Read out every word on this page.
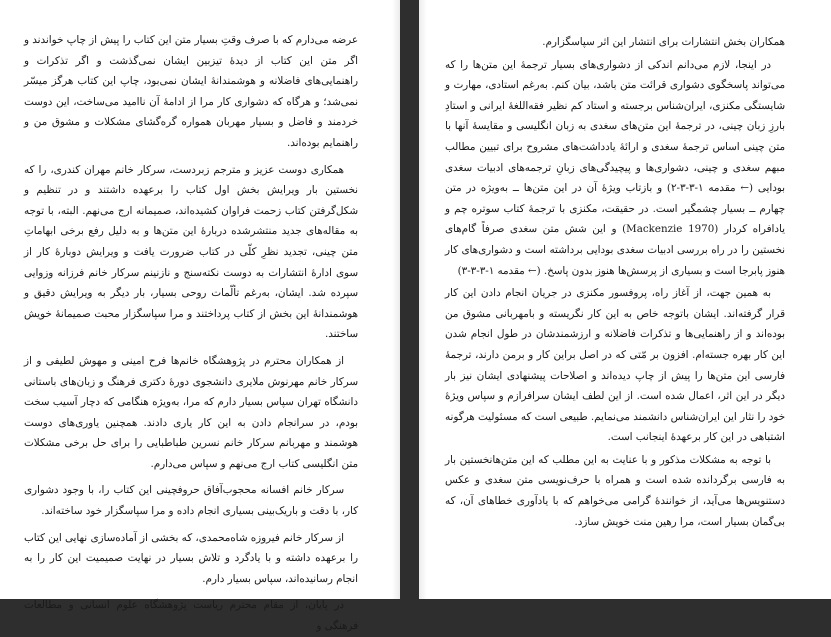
عرضه می‌دارم که با صرف وقتِ بسیار متن این کتاب را پیش از چاپ خواندند و اگر متن این کتاب از دیدهٔ تیزبین ایشان نمی‌گذشت و اگر تذکرات و راهنمایی‌های فاضلانه و هوشمندانهٔ ایشان نمی‌بود، چاپ این کتاب هرگز میسّر نمی‌شد؛ و هرگاه که دشواری کار مرا از ادامهٔ آن ناامید می‌ساخت، این دوست خردمند و فاضل و بسیار مهربان همواره گره‌گشای مشکلات و مشوق من و راهنمایم بوده‌اند.

همکاری دوست عزیز و مترجم زبردست، سرکار خانم مهران کندری، را که نخستین بار ویرایش بخش اول کتاب را برعهده داشتند و در تنظیم و شکل‌گرفتن کتاب زحمت فراوان کشیده‌اند، صمیمانه ارج می‌نهم. البته، با توجه به مقاله‌های جدید منتشرشده دربارهٔ این متن‌ها و به دلیل رفع برخی ابهاماتِ متن چینی، تجدید نظرِ کلّی در کتاب ضرورت یافت و ویرایش دوبارهٔ کار از سوی ادارهٔ انتشارات به دوست نکته‌سنج و نازنینم سرکار خانم فرزانه وزوایی سپرده شد. ایشان، به‌رغم تألّمات روحی بسیار، بار دیگر به ویرایش دقیق و هوشمندانهٔ این بخش از کتاب پرداختند و مرا سپاسگزار محبت صمیمانهٔ خویش ساختند.

از همکاران محترم در پژوهشگاه خانم‌ها فرح امینی و مهوش لطیفی و از سرکار خانم مهرنوش ملایری دانشجوی دورهٔ دکتری فرهنگ و زبان‌های باستانی دانشگاه تهران سپاس بسیار دارم که مرا، به‌ویژه هنگامی که دچار آسیب سخت بودم، در سرانجام دادن به این کار یاری دادند. همچنین یاوری‌های دوست هوشمند و مهربانم سرکار خانم نسرین طباطبایی را برای حل برخی مشکلات متن انگلیسی کتاب ارج می‌نهم و سپاس می‌دارم.

سرکار خانم افسانه محجوب‌آفاق حروفچینی این کتاب را، با وجود دشواری کار، با دقت و باریک‌بینی بسیاری انجام داده و مرا سپاسگزار خود ساخته‌اند.

از سرکار خانم فیروزه شاه‌محمدی، که بخشی از آماده‌سازی نهایی این کتاب را برعهده داشته و با یادگرد و تلاش بسیار در نهایت صمیمیت این کار را به انجام رسانیده‌اند، سپاس بسیار دارم.

در پایان، از مقام محترم ریاست پژوهشگاه علوم انسانی و مطالعات فرهنگی و

همکاران بخش انتشارات برای انتشار این اثر سپاسگزارم.

در اینجا، لازم می‌دانم اندکی از دشواری‌های بسیار ترجمهٔ این متن‌ها را که می‌تواند پاسخگوی دشواری قرائت متن باشد، بیان کنم. به‌رغم استادی، مهارت و شایستگی مکنزی، ایران‌شناس برجسته و استاد کم نظیر فقه‌اللغهٔ ایرانی و استادِ بارزِ زبان چینی، در ترجمهٔ این متن‌های سغدی به زبان انگلیسی و مقایسهٔ آنها با متن چینی اساس ترجمهٔ سغدی و ارائهٔ یادداشت‌های مشروح برای تبیین مطالب مبهم سغدی و چینی، دشواری‌ها و پیچیدگی‌های زبانِ ترجمه‌های ادبیات سغدی بودایی (← مقدمه ۱-۳-۳-۲) و بازتاب ویژهٔ آن در این متن‌ها ــ به‌ویژه در متن چهارم ــ بسیار چشمگیر است. در حقیقت، مکنزی با ترجمهٔ کتاب سوتره چم و یادافراه کردار (Mackenzie 1970) و این شش متن سغدی صرفاً گام‌های نخستین را در راه بررسی ادبیات سغدی بودایی برداشته است و دشواری‌های کار هنوز پابرجا است و بسیاری از پرسش‌ها هنوز بدون پاسخ. (← مقدمه ۱-۳-۳-۳)

به همین جهت، از آغاز راه، پروفسور مکنزی در جریان انجام دادن این کار قرار گرفته‌اند. ایشان باتوجه خاص به این کار نگریسته و بامهربانی مشوق من بوده‌اند و از راهنمایی‌ها و تذکرات فاضلانه و ارزشمندشان در طول انجام شدن این کار بهره جسته‌ام. افزون بر مّتی که در اصل براین کار و برمن دارند، ترجمهٔ فارسی این متن‌ها را پیش از چاپ دیده‌اند و اصلاحات پیشنهادی ایشان نیز بار دیگر در این اثر، اعمال شده است. از این لطف ایشان سرافرازم و سپاس ویژهٔ خود را نثار این ایران‌شناس دانشمند می‌نمایم. طبیعی است که مسئولیت هرگونه اشتباهی در این کار برعهدهٔ اینجانب است.

با توجه به مشکلات مذکور و با عنایت به این مطلب که این متن‌هانخستین بار به فارسی برگردانده شده است و همراه با حرف‌نویسی متن سغدی و عکس دستنویس‌ها می‌آید، از خوانندهٔ گرامی می‌خواهم که با یادآوری خطاهای آن، که بی‌گمان بسیار است، مرا رهین منت خویش سازد.
